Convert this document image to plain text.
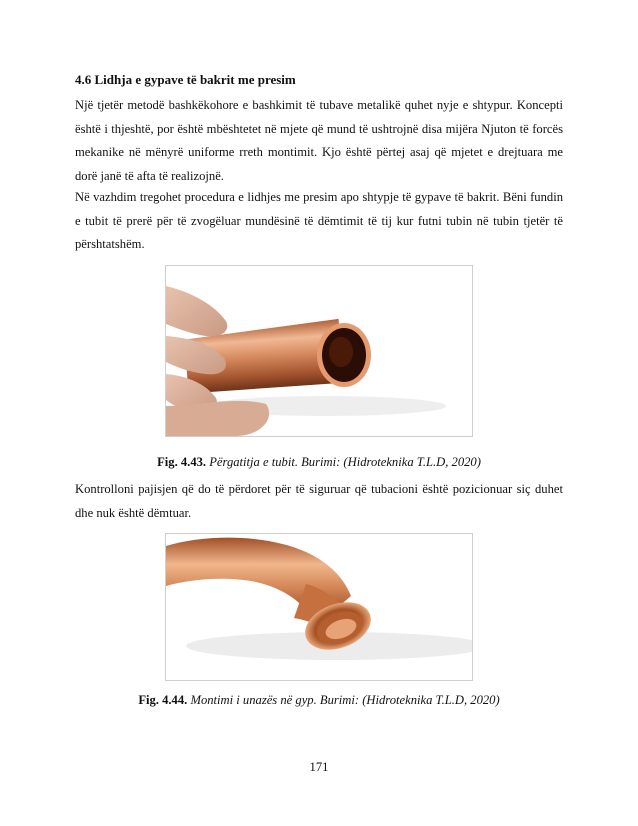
4.6 Lidhja e gypave të bakrit me presim

Një tjetër metodë bashkëkohore e bashkimit të tubave metalikë quhet nyje e shtypur. Koncepti është i thjeshtë, por është mbështetet në mjete që mund të ushtrojnë disa mijëra Njuton të forcës mekanike në mënyrë uniforme rreth montimit. Kjo është përtej asaj që mjetet e drejtuara me dorë janë të afta të realizojnë.

Në vazhdim tregohet procedura e lidhjes me presim apo shtypje të gypave të bakrit. Bëni fundin e tubit të prerë për të zvogëluar mundësinë të dëmtimit të tij kur futni tubin në tubin tjetër të përshtatshëm.

Fig. 4.43. Përgatitja e tubit. Burimi: (Hidroteknika T.L.D, 2020)

Kontrolloni pajisjen që do të përdoret për të siguruar që tubacioni është pozicionuar siç duhet dhe nuk është dëmtuar.

Fig. 4.44. Montimi i unazës në gyp. Burimi: (Hidroteknika T.L.D, 2020)
171
